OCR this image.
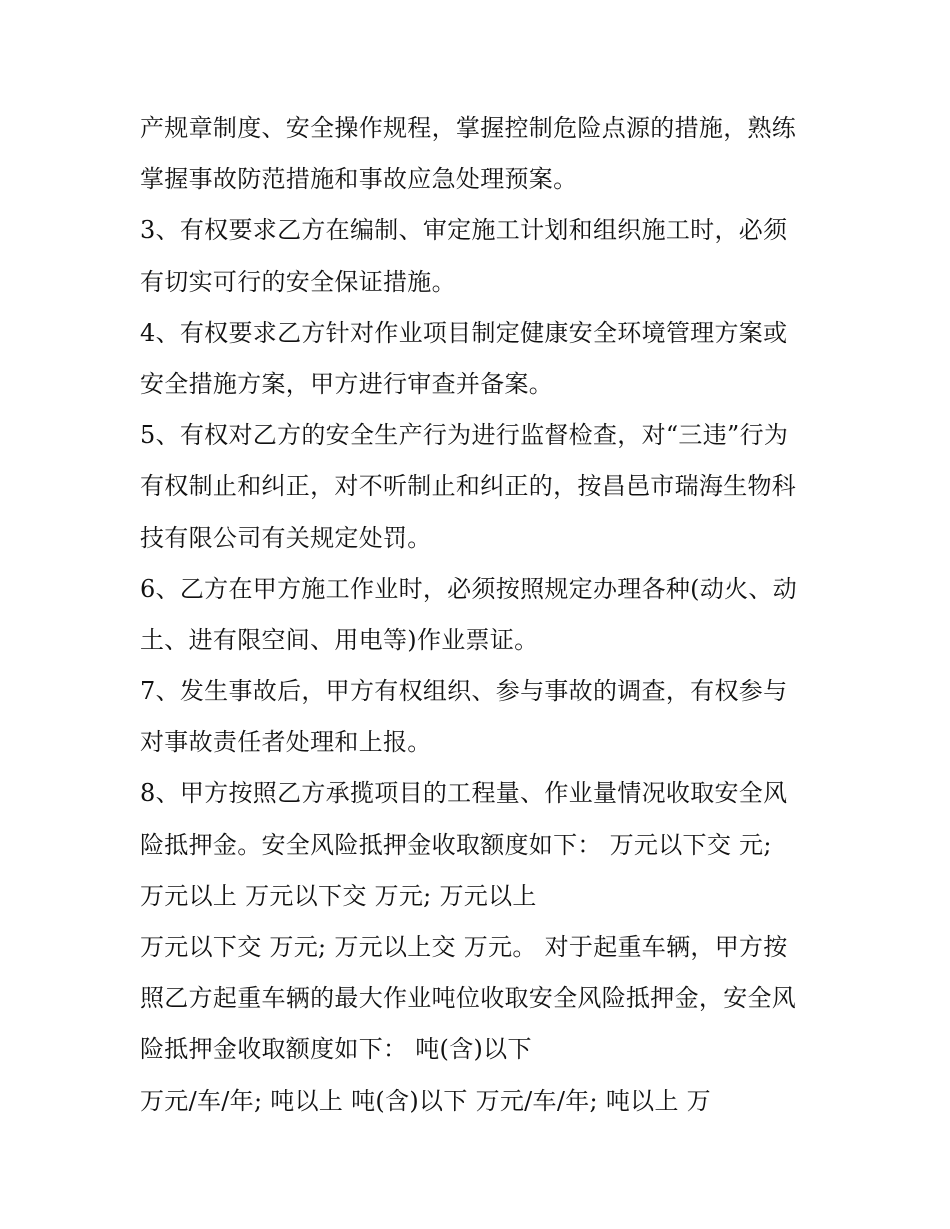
产规章制度、安全操作规程，掌握控制危险点源的措施，熟练
掌握事故防范措施和事故应急处理预案。
3、有权要求乙方在编制、审定施工计划和组织施工时，必须
有切实可行的安全保证措施。
4、有权要求乙方针对作业项目制定健康安全环境管理方案或
安全措施方案，甲方进行审查并备案。
5、有权对乙方的安全生产行为进行监督检查，对“三违”行为
有权制止和纠正，对不听制止和纠正的，按昌邑市瑞海生物科
技有限公司有关规定处罚。
6、乙方在甲方施工作业时，必须按照规定办理各种(动火、动
土、进有限空间、用电等)作业票证。
7、发生事故后，甲方有权组织、参与事故的调查，有权参与
对事故责任者处理和上报。
8、甲方按照乙方承揽项目的工程量、作业量情况收取安全风
险抵押金。安全风险抵押金收取额度如下： 万元以下交 元;
万元以上 万元以下交 万元; 万元以上
万元以下交 万元; 万元以上交 万元。 对于起重车辆，甲方按
照乙方起重车辆的最大作业吨位收取安全风险抵押金，安全风
险抵押金收取额度如下： 吨(含)以下
万元/车/年; 吨以上 吨(含)以下 万元/车/年; 吨以上 万
